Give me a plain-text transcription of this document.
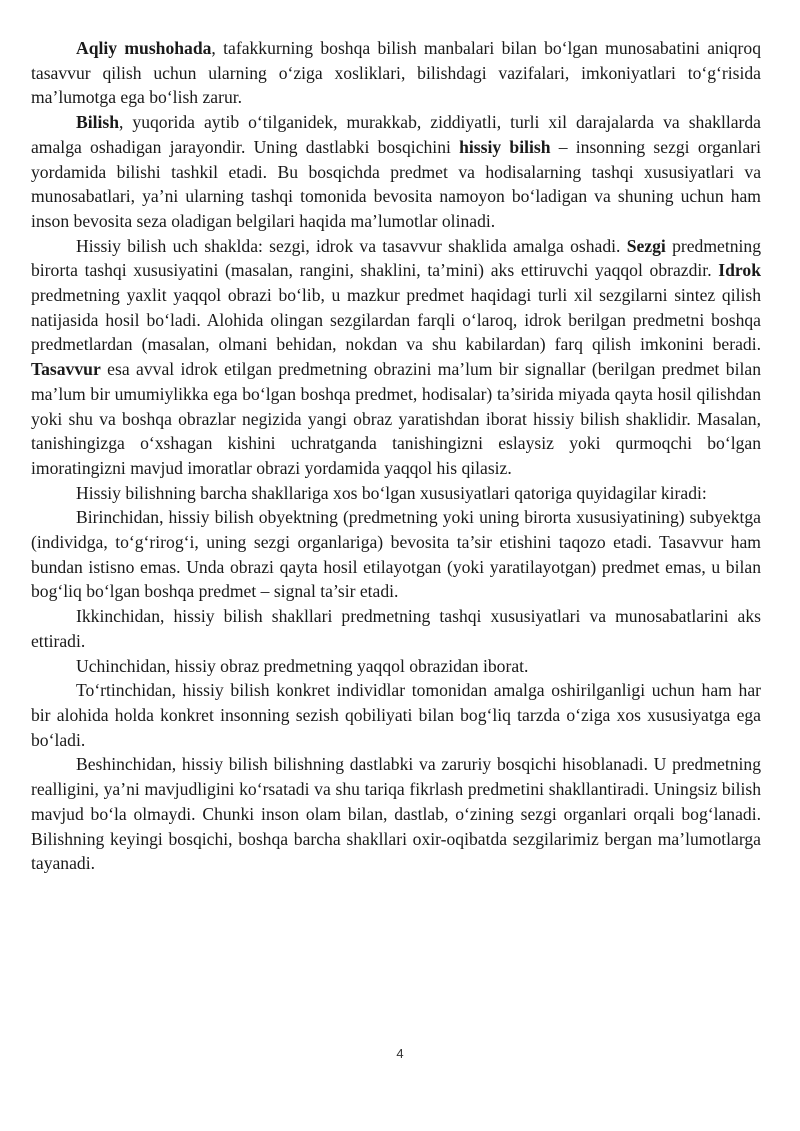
Aqliy mushohada, tafakkurning boshqa bilish manbalari bilan bo‘lgan munosabatini aniqroq tasavvur qilish uchun ularning o‘ziga xosliklari, bilishdagi vazifalari, imkoniyatlari to‘g‘risida ma’lumotga ega bo‘lish zarur.

Bilish, yuqorida aytib o‘tilganidek, murakkab, ziddiyatli, turli xil darajalarda va shakllarda amalga oshadigan jarayondir. Uning dastlabki bosqichini hissiy bilish – insonning sezgi organlari yordamida bilishi tashkil etadi. Bu bosqichda predmet va hodisalarning tashqi xususiyatlari va munosabatlari, ya’ni ularning tashqi tomonida bevosita namoyon bo‘ladigan va shuning uchun ham inson bevosita seza oladigan belgilari haqida ma’lumotlar olinadi.

Hissiy bilish uch shaklda: sezgi, idrok va tasavvur shaklida amalga oshadi. Sezgi predmetning birorta tashqi xususiyatini (masalan, rangini, shaklini, ta’mini) aks ettiruvchi yaqqol obrazdir. Idrok predmetning yaxlit yaqqol obrazi bo‘lib, u mazkur predmet haqidagi turli xil sezgilarni sintez qilish natijasida hosil bo‘ladi. Alohida olingan sezgilardan farqli o‘laroq, idrok berilgan predmetni boshqa predmetlardan (masalan, olmani behidan, nokdan va shu kabilardan) farq qilish imkonini beradi. Tasavvur esa avval idrok etilgan predmetning obrazini ma’lum bir signallar (berilgan predmet bilan ma’lum bir umumiylikka ega bo‘lgan boshqa predmet, hodisalar) ta’sirida miyada qayta hosil qilishdan yoki shu va boshqa obrazlar negizida yangi obraz yaratishdan iborat hissiy bilish shaklidir. Masalan, tanishingizga o‘xshagan kishini uchratganda tanishingizni eslaysiz yoki qurmoqchi bo‘lgan imoratingizni mavjud imoratlar obrazi yordamida yaqqol his qilasiz.

Hissiy bilishning barcha shakllariga xos bo‘lgan xususiyatlari qatoriga quyidagilar kiradi:

Birinchidan, hissiy bilish obyektning (predmetning yoki uning birorta xususiyatining) subyektga (individga, to‘g‘rirog‘i, uning sezgi organlariga) bevosita ta’sir etishini taqozo etadi. Tasavvur ham bundan istisno emas. Unda obrazi qayta hosil etilayotgan (yoki yaratilayotgan) predmet emas, u bilan bog‘liq bo‘lgan boshqa predmet – signal ta’sir etadi.

Ikkinchidan, hissiy bilish shakllari predmetning tashqi xususiyatlari va munosabatlarini aks ettiradi.

Uchinchidan, hissiy obraz predmetning yaqqol obrazidan iborat.

To‘rtinchidan, hissiy bilish konkret individlar tomonidan amalga oshirilganligi uchun ham har bir alohida holda konkret insonning sezish qobiliyati bilan bog‘liq tarzda o‘ziga xos xususiyatga ega bo‘ladi.

Beshinchidan, hissiy bilish bilishning dastlabki va zaruriy bosqichi hisoblanadi. U predmetning realligini, ya’ni mavjudligini ko‘rsatadi va shu tariqa fikrlash predmetini shakllantiradi. Uningsiz bilish mavjud bo‘la olmaydi. Chunki inson olam bilan, dastlab, o‘zining sezgi organlari orqali bog‘lanadi. Bilishning keyingi bosqichi, boshqa barcha shakllari oxir-oqibatda sezgilarimiz bergan ma’lumotlarga tayanadi.

4
